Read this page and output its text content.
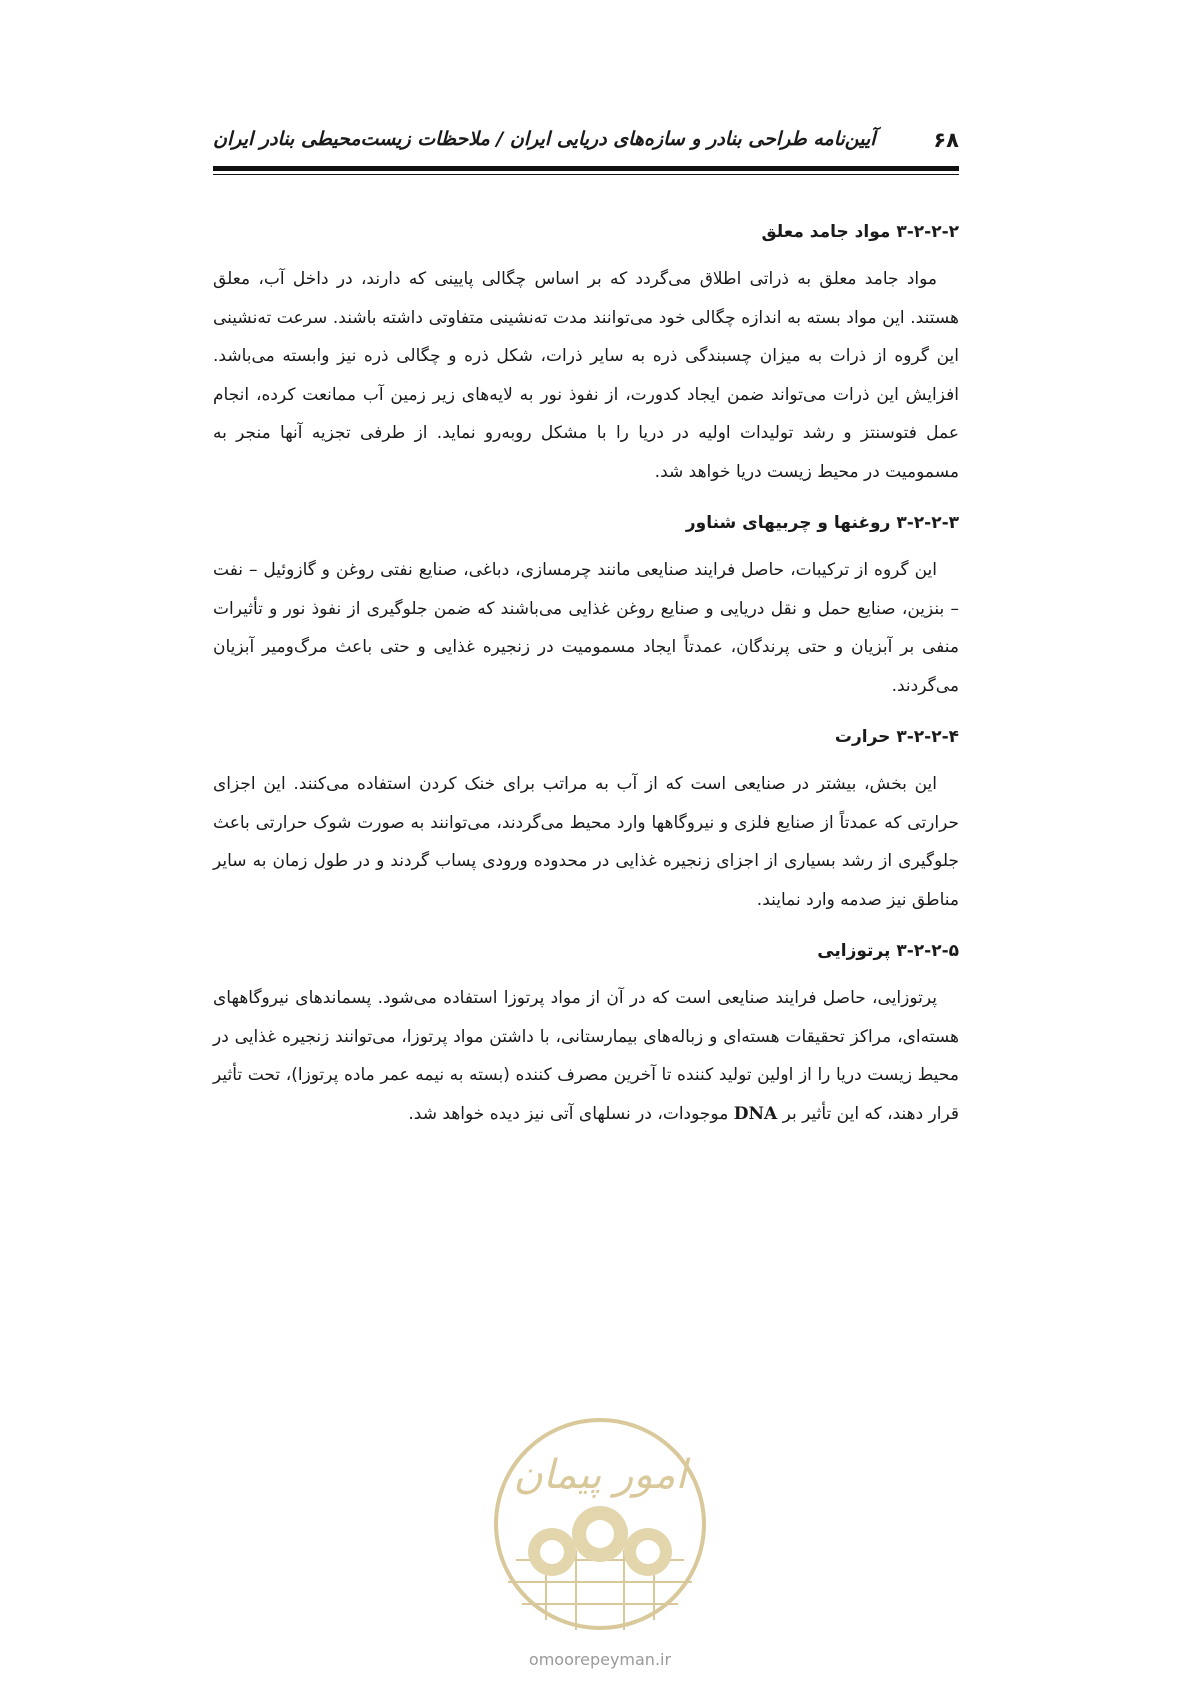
۶۸
آیین‌نامه طراحی بنادر و سازه‌های دریایی ایران / ملاحظات زیست‌محیطی بنادر ایران
۳-۲-۲-۲ مواد جامد معلق

مواد جامد معلق به ذراتی اطلاق می‌گردد که بر اساس چگالی پایینی که دارند، در داخل آب، معلق هستند. این مواد بسته به اندازه چگالی خود می‌توانند مدت ته‌نشینی متفاوتی داشته باشند. سرعت ته‌نشینی این گروه از ذرات به میزان چسبندگی ذره به سایر ذرات، شکل ذره و چگالی ذره نیز وابسته می‌باشد. افزایش این ذرات می‌تواند ضمن ایجاد کدورت، از نفوذ نور به لایه‌های زیر زمین آب ممانعت کرده، انجام عمل فتوسنتز و رشد تولیدات اولیه در دریا را با مشکل روبه‌رو نماید. از طرفی تجزیه آنها منجر به مسمومیت در محیط زیست دریا خواهد شد.

۳-۲-۲-۳ روغنها و چربیهای شناور

این گروه از ترکیبات، حاصل فرایند صنایعی مانند چرمسازی، دباغی، صنایع نفتی روغن و گازوئیل – نفت – بنزین، صنایع حمل و نقل دریایی و صنایع روغن غذایی می‌باشند که ضمن جلوگیری از نفوذ نور و تأثیرات منفی بر آبزیان و حتی پرندگان، عمدتاً ایجاد مسمومیت در زنجیره غذایی و حتی باعث مرگ‌ومیر آبزیان می‌گردند.

۳-۲-۲-۴ حرارت

این بخش، بیشتر در صنایعی است که از آب به مراتب برای خنک کردن استفاده می‌کنند. این اجزای حرارتی که عمدتاً از صنایع فلزی و نیروگاهها وارد محیط می‌گردند، می‌توانند به صورت شوک حرارتی باعث جلوگیری از رشد بسیاری از اجزای زنجیره غذایی در محدوده ورودی پساب گردند و در طول زمان به سایر مناطق نیز صدمه وارد نمایند.

۳-۲-۲-۵ پرتوزایی

پرتوزایی، حاصل فرایند صنایعی است که در آن از مواد پرتوزا استفاده می‌شود. پسماندهای نیروگاههای هسته‌ای، مراکز تحقیقات هسته‌ای و زباله‌های بیمارستانی، با داشتن مواد پرتوزا، می‌توانند زنجیره غذایی در محیط زیست دریا را از اولین تولید کننده تا آخرین مصرف کننده (بسته به نیمه عمر ماده پرتوزا)، تحت تأثیر قرار دهند، که این تأثیر بر DNA موجودات، در نسلهای آتی نیز دیده خواهد شد.

امور پیمان
omoorepeyman.ir
